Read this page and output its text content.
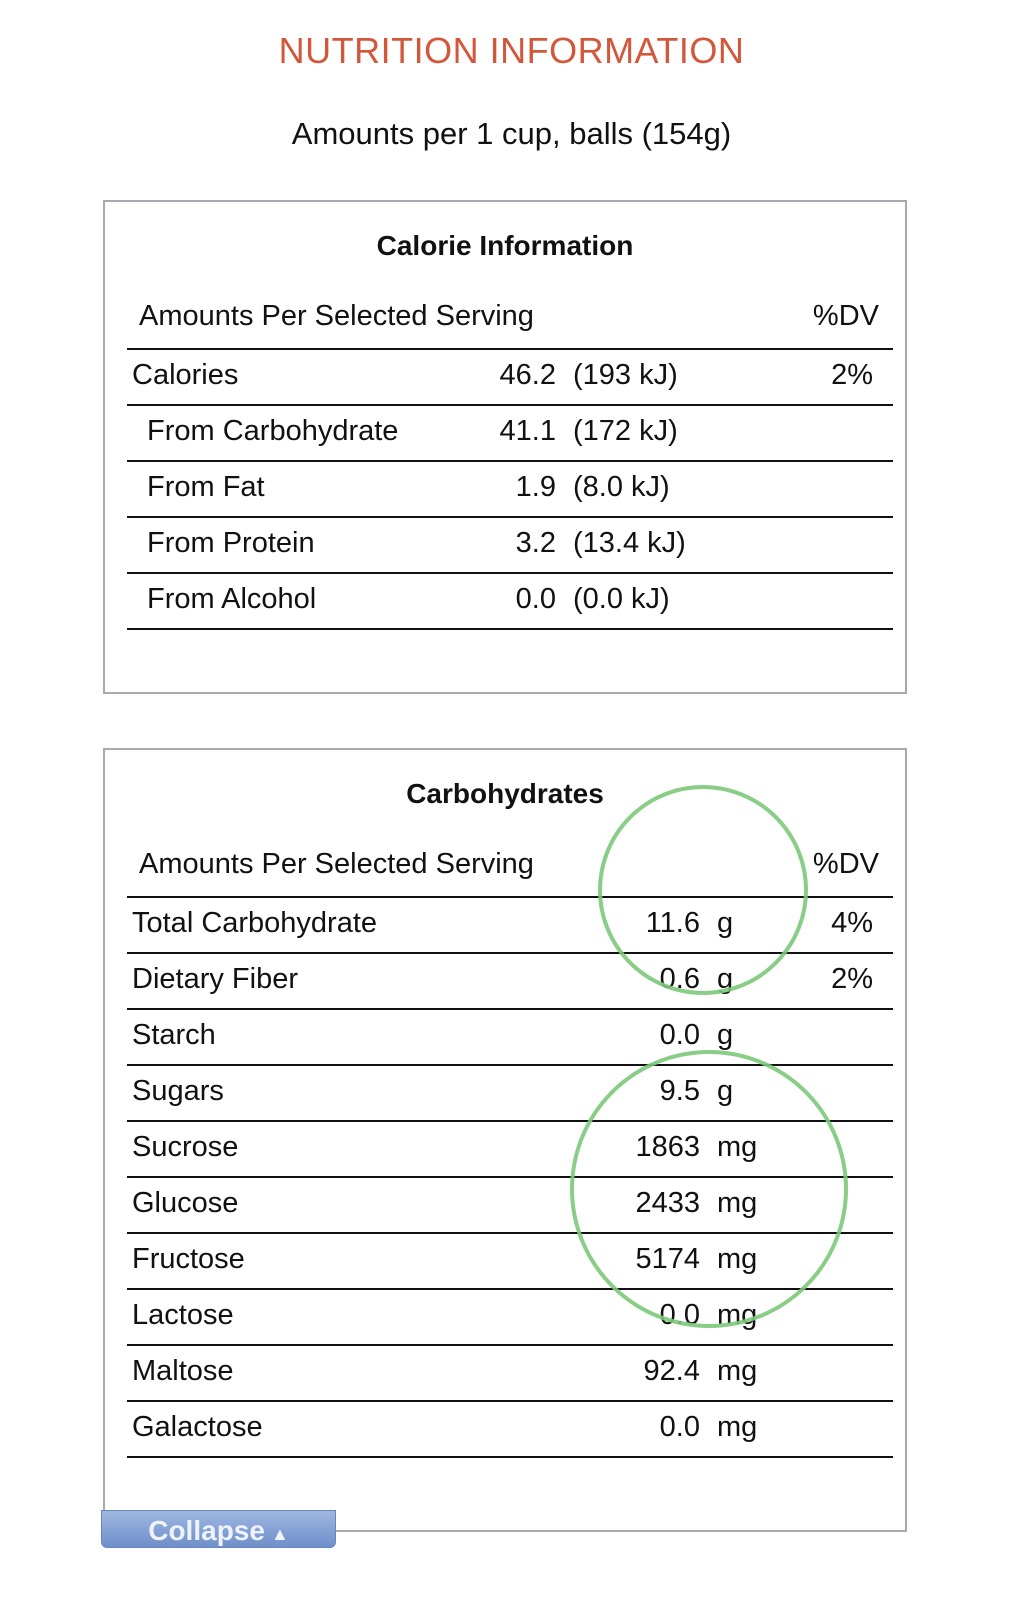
NUTRITION INFORMATION
Amounts per 1 cup, balls (154g)
Calorie Information
Amounts Per Selected Serving	%DV
Calories	46.2 (193 kJ)	2%
From Carbohydrate	41.1 (172 kJ)
From Fat	1.9 (8.0 kJ)
From Protein	3.2 (13.4 kJ)
From Alcohol	0.0 (0.0 kJ)
Carbohydrates
Amounts Per Selected Serving	%DV
Total Carbohydrate	11.6 g	4%
Dietary Fiber	0.6 g	2%
Starch	0.0 g
Sugars	9.5 g
Sucrose	1863 mg
Glucose	2433 mg
Fructose	5174 mg
Lactose	0.0 mg
Maltose	92.4 mg
Galactose	0.0 mg
Collapse ▲
